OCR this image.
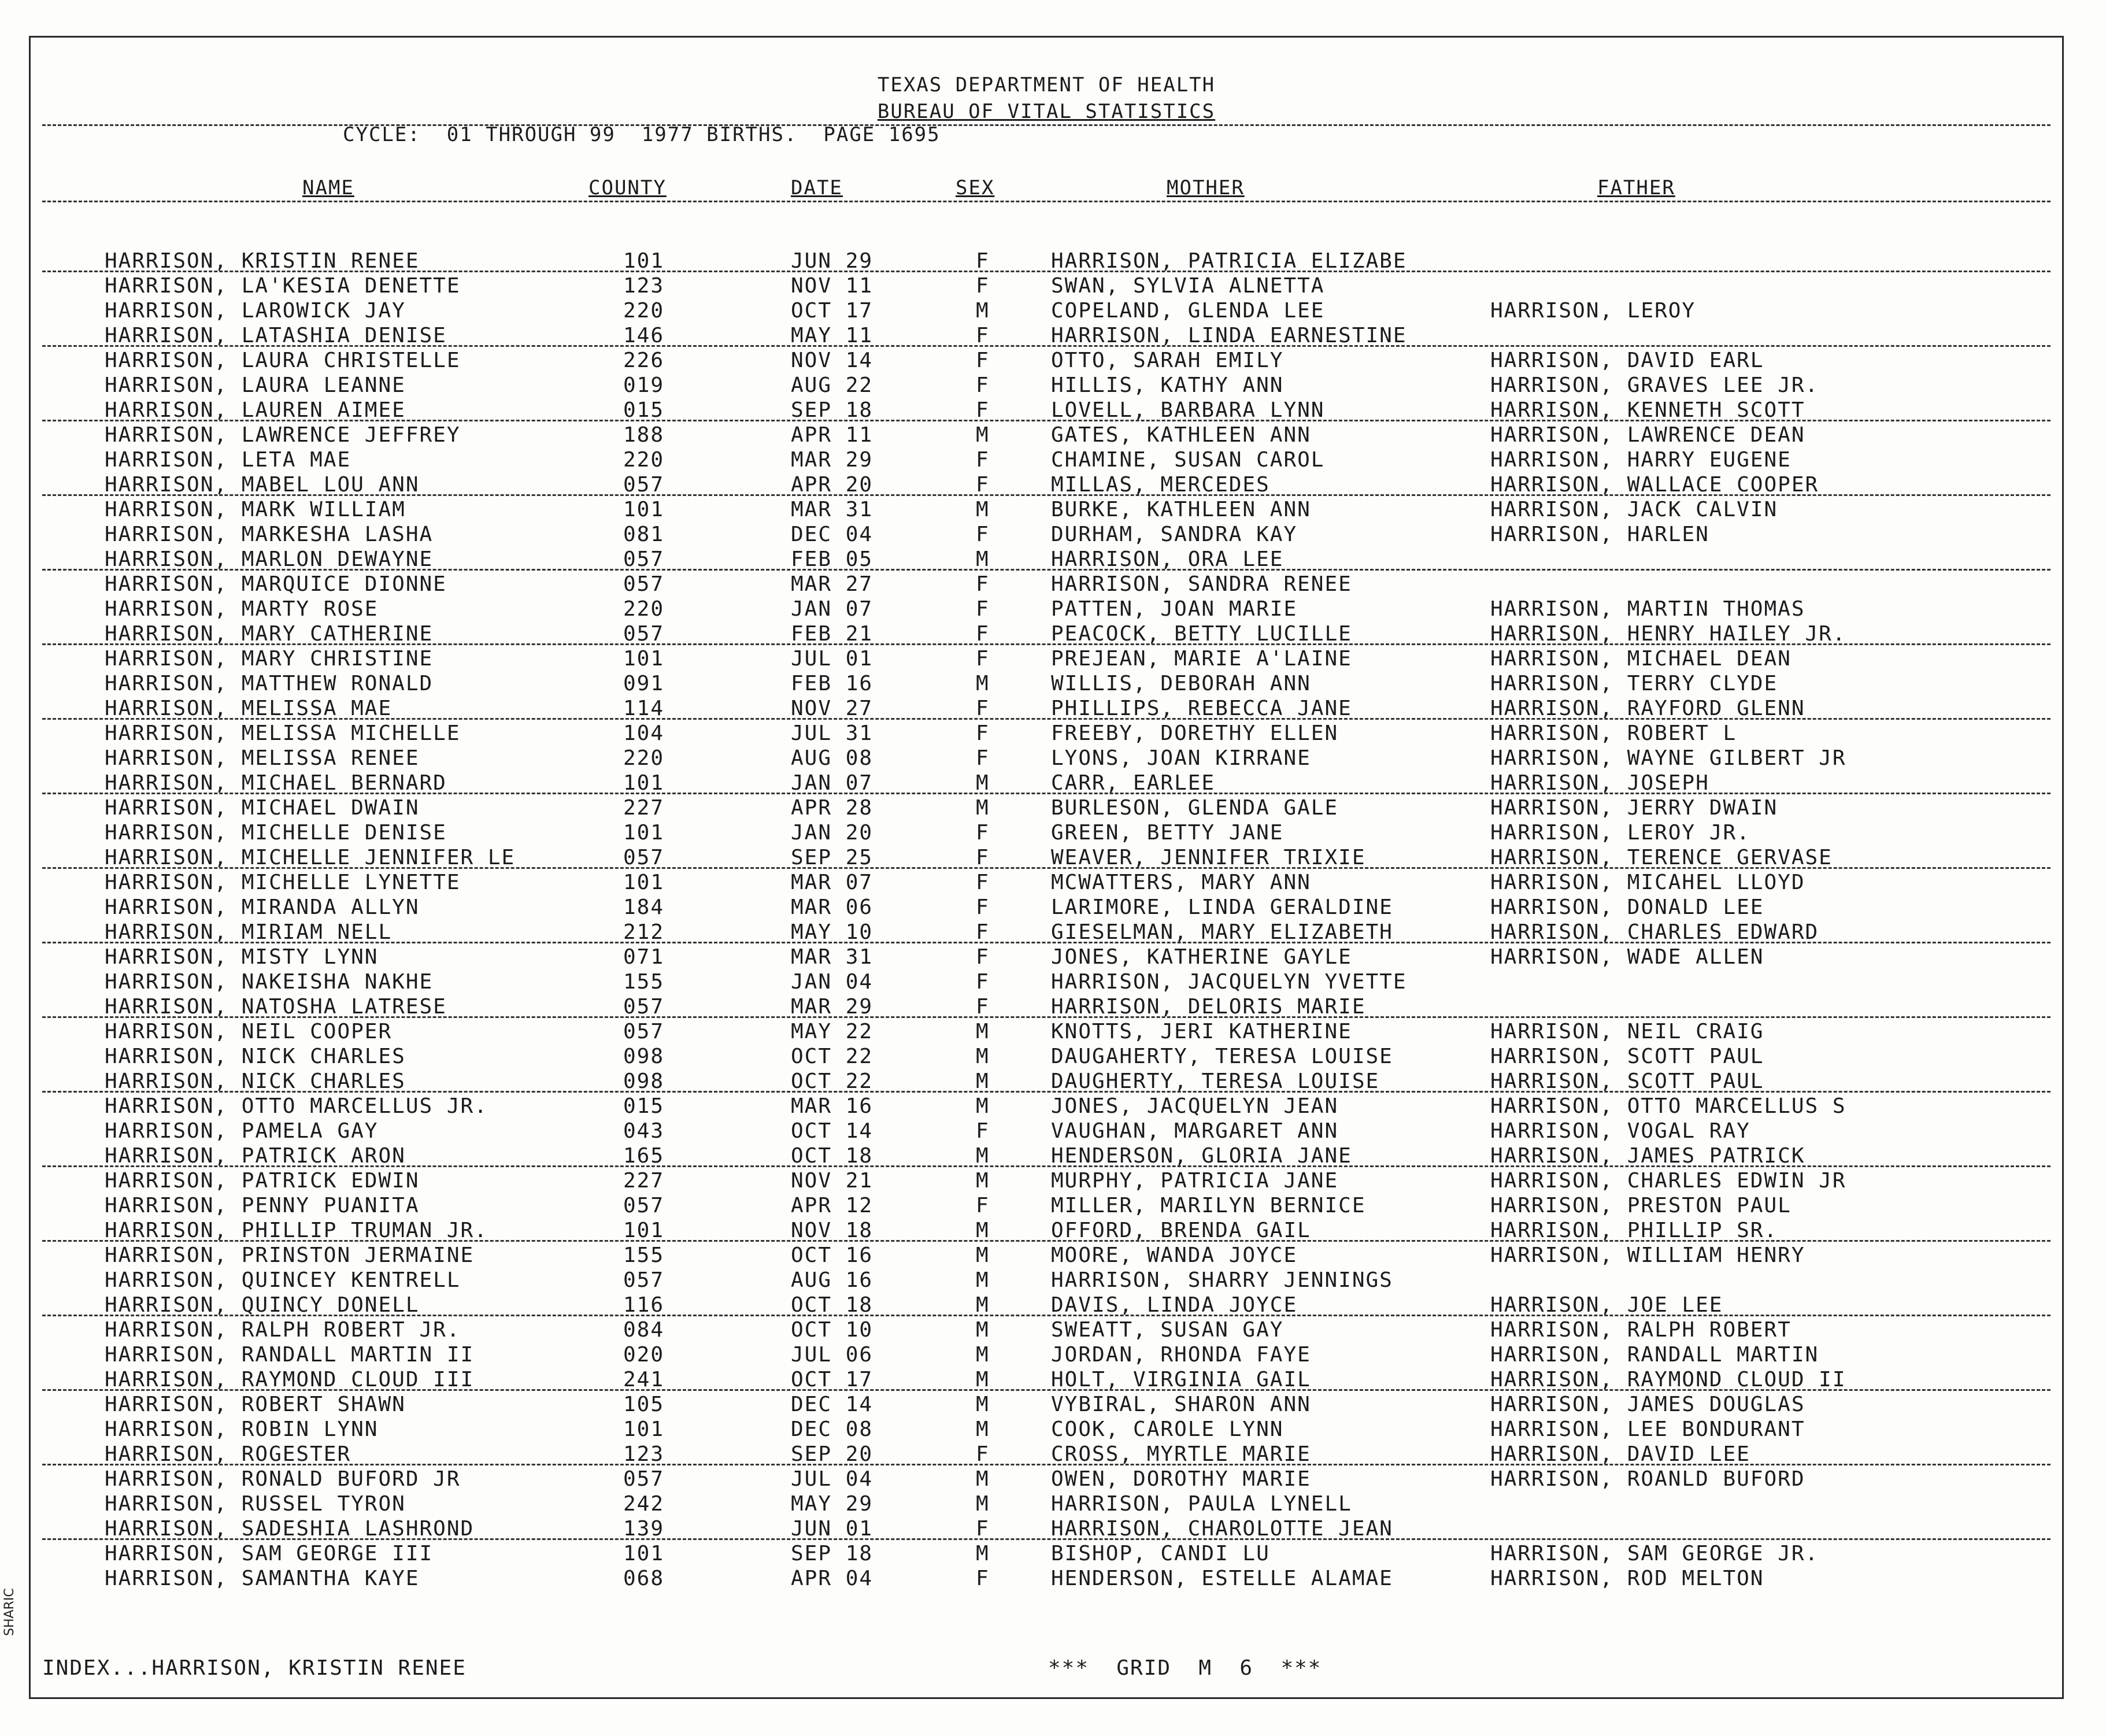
SHARIC
TEXAS DEPARTMENT OF HEALTH
BUREAU OF VITAL STATISTICS
CYCLE:  01 THROUGH 99  1977 BIRTHS.  PAGE 1695
NAME	COUNTY	DATE	SEX	MOTHER	FATHER
HARRISON, KRISTIN RENEE	101	JUN 29	F	HARRISON, PATRICIA ELIZABE
HARRISON, LA'KESIA DENETTE	123	NOV 11	F	SWAN, SYLVIA ALNETTA
HARRISON, LAROWICK JAY	220	OCT 17	M	COPELAND, GLENDA LEE	HARRISON, LEROY
HARRISON, LATASHIA DENISE	146	MAY 11	F	HARRISON, LINDA EARNESTINE
HARRISON, LAURA CHRISTELLE	226	NOV 14	F	OTTO, SARAH EMILY	HARRISON, DAVID EARL
HARRISON, LAURA LEANNE	019	AUG 22	F	HILLIS, KATHY ANN	HARRISON, GRAVES LEE JR.
HARRISON, LAUREN AIMEE	015	SEP 18	F	LOVELL, BARBARA LYNN	HARRISON, KENNETH SCOTT
HARRISON, LAWRENCE JEFFREY	188	APR 11	M	GATES, KATHLEEN ANN	HARRISON, LAWRENCE DEAN
HARRISON, LETA MAE	220	MAR 29	F	CHAMINE, SUSAN CAROL	HARRISON, HARRY EUGENE
HARRISON, MABEL LOU ANN	057	APR 20	F	MILLAS, MERCEDES	HARRISON, WALLACE COOPER
HARRISON, MARK WILLIAM	101	MAR 31	M	BURKE, KATHLEEN ANN	HARRISON, JACK CALVIN
HARRISON, MARKESHA LASHA	081	DEC 04	F	DURHAM, SANDRA KAY	HARRISON, HARLEN
HARRISON, MARLON DEWAYNE	057	FEB 05	M	HARRISON, ORA LEE
HARRISON, MARQUICE DIONNE	057	MAR 27	F	HARRISON, SANDRA RENEE
HARRISON, MARTY ROSE	220	JAN 07	F	PATTEN, JOAN MARIE	HARRISON, MARTIN THOMAS
HARRISON, MARY CATHERINE	057	FEB 21	F	PEACOCK, BETTY LUCILLE	HARRISON, HENRY HAILEY JR.
HARRISON, MARY CHRISTINE	101	JUL 01	F	PREJEAN, MARIE A'LAINE	HARRISON, MICHAEL DEAN
HARRISON, MATTHEW RONALD	091	FEB 16	M	WILLIS, DEBORAH ANN	HARRISON, TERRY CLYDE
HARRISON, MELISSA MAE	114	NOV 27	F	PHILLIPS, REBECCA JANE	HARRISON, RAYFORD GLENN
HARRISON, MELISSA MICHELLE	104	JUL 31	F	FREEBY, DORETHY ELLEN	HARRISON, ROBERT L
HARRISON, MELISSA RENEE	220	AUG 08	F	LYONS, JOAN KIRRANE	HARRISON, WAYNE GILBERT JR
HARRISON, MICHAEL BERNARD	101	JAN 07	M	CARR, EARLEE	HARRISON, JOSEPH
HARRISON, MICHAEL DWAIN	227	APR 28	M	BURLESON, GLENDA GALE	HARRISON, JERRY DWAIN
HARRISON, MICHELLE DENISE	101	JAN 20	F	GREEN, BETTY JANE	HARRISON, LEROY JR.
HARRISON, MICHELLE JENNIFER LE	057	SEP 25	F	WEAVER, JENNIFER TRIXIE	HARRISON, TERENCE GERVASE
HARRISON, MICHELLE LYNETTE	101	MAR 07	F	MCWATTERS, MARY ANN	HARRISON, MICAHEL LLOYD
HARRISON, MIRANDA ALLYN	184	MAR 06	F	LARIMORE, LINDA GERALDINE	HARRISON, DONALD LEE
HARRISON, MIRIAM NELL	212	MAY 10	F	GIESELMAN, MARY ELIZABETH	HARRISON, CHARLES EDWARD
HARRISON, MISTY LYNN	071	MAR 31	F	JONES, KATHERINE GAYLE	HARRISON, WADE ALLEN
HARRISON, NAKEISHA NAKHE	155	JAN 04	F	HARRISON, JACQUELYN YVETTE
HARRISON, NATOSHA LATRESE	057	MAR 29	F	HARRISON, DELORIS MARIE
HARRISON, NEIL COOPER	057	MAY 22	M	KNOTTS, JERI KATHERINE	HARRISON, NEIL CRAIG
HARRISON, NICK CHARLES	098	OCT 22	M	DAUGAHERTY, TERESA LOUISE	HARRISON, SCOTT PAUL
HARRISON, NICK CHARLES	098	OCT 22	M	DAUGHERTY, TERESA LOUISE	HARRISON, SCOTT PAUL
HARRISON, OTTO MARCELLUS JR.	015	MAR 16	M	JONES, JACQUELYN JEAN	HARRISON, OTTO MARCELLUS S
HARRISON, PAMELA GAY	043	OCT 14	F	VAUGHAN, MARGARET ANN	HARRISON, VOGAL RAY
HARRISON, PATRICK ARON	165	OCT 18	M	HENDERSON, GLORIA JANE	HARRISON, JAMES PATRICK
HARRISON, PATRICK EDWIN	227	NOV 21	M	MURPHY, PATRICIA JANE	HARRISON, CHARLES EDWIN JR
HARRISON, PENNY PUANITA	057	APR 12	F	MILLER, MARILYN BERNICE	HARRISON, PRESTON PAUL
HARRISON, PHILLIP TRUMAN JR.	101	NOV 18	M	OFFORD, BRENDA GAIL	HARRISON, PHILLIP SR.
HARRISON, PRINSTON JERMAINE	155	OCT 16	M	MOORE, WANDA JOYCE	HARRISON, WILLIAM HENRY
HARRISON, QUINCEY KENTRELL	057	AUG 16	M	HARRISON, SHARRY JENNINGS
HARRISON, QUINCY DONELL	116	OCT 18	M	DAVIS, LINDA JOYCE	HARRISON, JOE LEE
HARRISON, RALPH ROBERT JR.	084	OCT 10	M	SWEATT, SUSAN GAY	HARRISON, RALPH ROBERT
HARRISON, RANDALL MARTIN II	020	JUL 06	M	JORDAN, RHONDA FAYE	HARRISON, RANDALL MARTIN
HARRISON, RAYMOND CLOUD III	241	OCT 17	M	HOLT, VIRGINIA GAIL	HARRISON, RAYMOND CLOUD II
HARRISON, ROBERT SHAWN	105	DEC 14	M	VYBIRAL, SHARON ANN	HARRISON, JAMES DOUGLAS
HARRISON, ROBIN LYNN	101	DEC 08	M	COOK, CAROLE LYNN	HARRISON, LEE BONDURANT
HARRISON, ROGESTER	123	SEP 20	F	CROSS, MYRTLE MARIE	HARRISON, DAVID LEE
HARRISON, RONALD BUFORD JR	057	JUL 04	M	OWEN, DOROTHY MARIE	HARRISON, ROANLD BUFORD
HARRISON, RUSSEL TYRON	242	MAY 29	M	HARRISON, PAULA LYNELL
HARRISON, SADESHIA LASHROND	139	JUN 01	F	HARRISON, CHAROLOTTE JEAN
HARRISON, SAM GEORGE III	101	SEP 18	M	BISHOP, CANDI LU	HARRISON, SAM GEORGE JR.
HARRISON, SAMANTHA KAYE	068	APR 04	F	HENDERSON, ESTELLE ALAMAE	HARRISON, ROD MELTON
INDEX...HARRISON, KRISTIN RENEE	***  GRID  M  6  ***
